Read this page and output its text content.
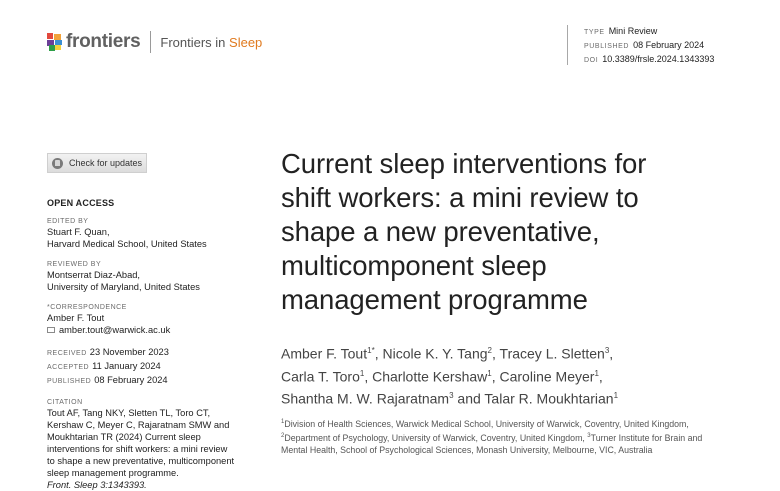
frontiers Frontiers in Sleep
TYPE Mini Review
PUBLISHED 08 February 2024
DOI 10.3389/frsle.2024.1343393
Check for updates
OPEN ACCESS
EDITED BY
Stuart F. Quan,
Harvard Medical School, United States
REVIEWED BY
Montserrat Diaz-Abad,
University of Maryland, United States
*CORRESPONDENCE
Amber F. Tout
amber.tout@warwick.ac.uk
RECEIVED 23 November 2023
ACCEPTED 11 January 2024
PUBLISHED 08 February 2024
CITATION
Tout AF, Tang NKY, Sletten TL, Toro CT,
Kershaw C, Meyer C, Rajaratnam SMW and
Moukhtarian TR (2024) Current sleep
interventions for shift workers: a mini review
to shape a new preventative, multicomponent
sleep management programme.
Front. Sleep 3:1343393.
Current sleep interventions for
shift workers: a mini review to
shape a new preventative,
multicomponent sleep
management programme
Amber F. Tout$^{1*}$, Nicole K. Y. Tang$^2$, Tracey L. Sletten$^3$,
Carla T. Toro$^1$, Charlotte Kershaw$^1$, Caroline Meyer$^1$,
Shantha M. W. Rajaratnam$^3$ and Talar R. Moukhtarian$^1$
$^1$Division of Health Sciences, Warwick Medical School, University of Warwick, Coventry, United Kingdom, $^2$Department of Psychology, University of Warwick, Coventry, United Kingdom, $^3$Turner Institute for Brain and Mental Health, School of Psychological Sciences, Monash University, Melbourne, VIC, Australia
